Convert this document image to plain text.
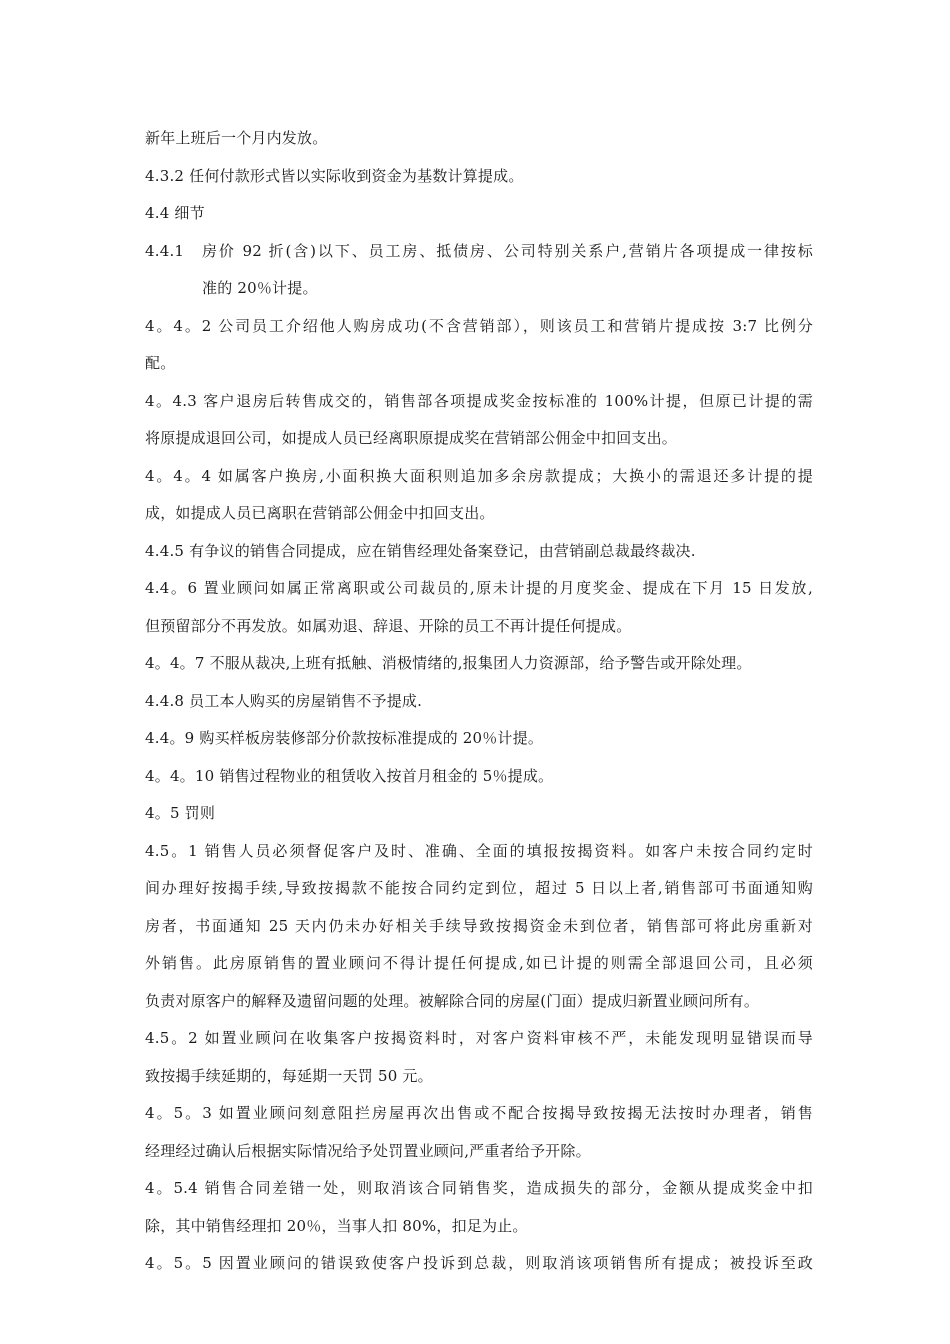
新年上班后一个月内发放。
4.3.2 任何付款形式皆以实际收到资金为基数计算提成。
4.4 细节
4.4.1	房价 92 折(含)以下、员工房、抵债房、公司特别关系户,营销片各项提成一律按标
准的 20％计提。
4。4。2 公司员工介绍他人购房成功(不含营销部），则该员工和营销片提成按 3:7 比例分
配。
4。4.3 客户退房后转售成交的，销售部各项提成奖金按标准的 100%计提，但原已计提的需
将原提成退回公司，如提成人员已经离职原提成奖在营销部公佣金中扣回支出。
4。4。4 如属客户换房,小面积换大面积则追加多余房款提成；大换小的需退还多计提的提
成，如提成人员已离职在营销部公佣金中扣回支出。
4.4.5 有争议的销售合同提成，应在销售经理处备案登记，由营销副总裁最终裁决.
4.4。6 置业顾问如属正常离职或公司裁员的,原未计提的月度奖金、提成在下月 15 日发放,
但预留部分不再发放。如属劝退、辞退、开除的员工不再计提任何提成。
4。4。7 不服从裁决,上班有抵触、消极情绪的,报集团人力资源部，给予警告或开除处理。
4.4.8 员工本人购买的房屋销售不予提成.
4.4。9 购买样板房装修部分价款按标准提成的 20％计提。
4。4。10 销售过程物业的租赁收入按首月租金的 5％提成。
4。5 罚则
4.5。1 销售人员必须督促客户及时、准确、全面的填报按揭资料。如客户未按合同约定时
间办理好按揭手续,导致按揭款不能按合同约定到位，超过 5 日以上者,销售部可书面通知购
房者，书面通知 25 天内仍未办好相关手续导致按揭资金未到位者，销售部可将此房重新对
外销售。此房原销售的置业顾问不得计提任何提成,如已计提的则需全部退回公司，且必须
负责对原客户的解释及遗留问题的处理。被解除合同的房屋(门面）提成归新置业顾问所有。
4.5。2 如置业顾问在收集客户按揭资料时，对客户资料审核不严，未能发现明显错误而导
致按揭手续延期的，每延期一天罚 50 元。
4。5。3 如置业顾问刻意阻拦房屋再次出售或不配合按揭导致按揭无法按时办理者，销售
经理经过确认后根据实际情况给予处罚置业顾问,严重者给予开除。
4。5.4 销售合同差错一处，则取消该合同销售奖，造成损失的部分，金额从提成奖金中扣
除，其中销售经理扣 20％，当事人扣 80%，扣足为止。
4。5。5 因置业顾问的错误致使客户投诉到总裁，则取消该项销售所有提成；被投诉至政
